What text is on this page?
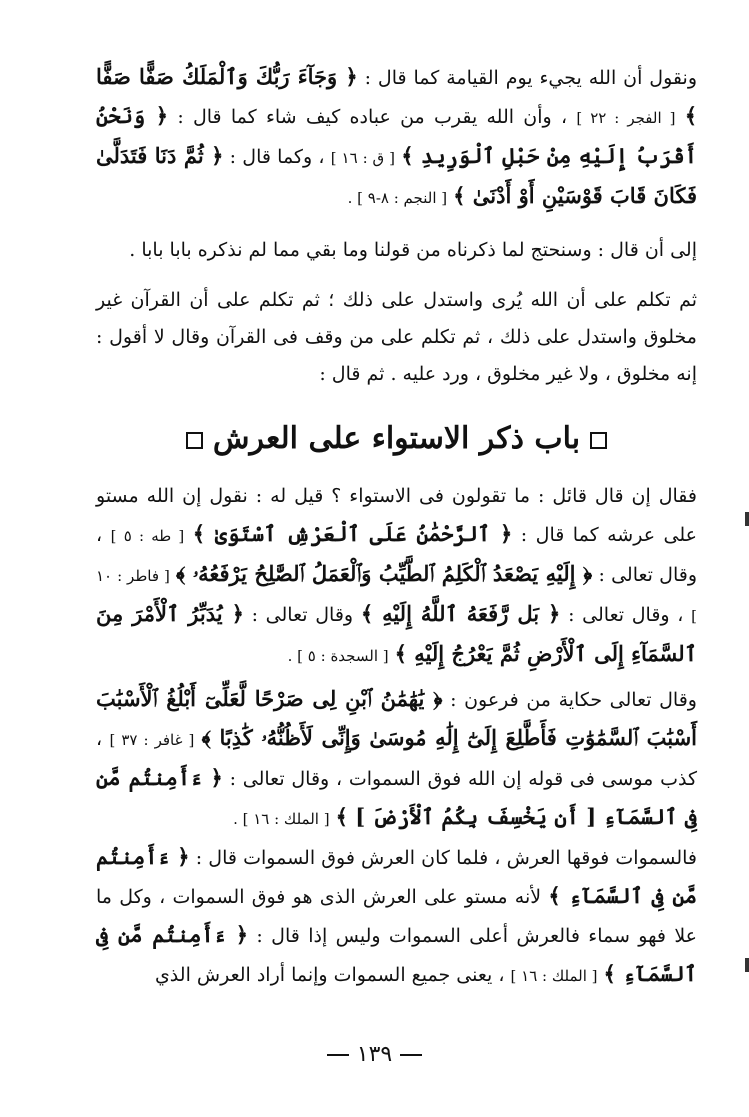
ونقول أن الله يجيء يوم القيامة كما قال : ﴿ وَجَآءَ رَبُّكَ وَٱلْمَلَكُ صَفًّا صَفًّا ﴾ [ الفجر : ٢٢ ] ، وأن الله يقرب من عباده كيف شاء كما قال : ﴿ وَنَحْنُ أَقْرَبُ إِلَيْهِ مِنْ حَبْلِ ٱلْوَرِيدِ ﴾ [ ق : ١٦ ] ، وكما قال : ﴿ ثُمَّ دَنَا فَتَدَلَّىٰ فَكَانَ قَابَ قَوْسَيْنِ أَوْ أَدْنَىٰ ﴾ [ النجم : ٨-٩ ] .

إلى أن قال : وسنحتج لما ذكرناه من قولنا وما بقي مما لم نذكره بابا بابا .

ثم تكلم على أن الله يُرى واستدل على ذلك ؛ ثم تكلم على أن القرآن غير مخلوق واستدل على ذلك ، ثم تكلم على من وقف فى القرآن وقال لا أقول : إنه مخلوق ، ولا غير مخلوق ، ورد عليه . ثم قال :

باب ذكر الاستواء على العرش

فقال إن قال قائل : ما تقولون فى الاستواء ؟ قيل له : نقول إن الله مستو على عرشه كما قال : ﴿ ٱلرَّحْمَٰنُ عَلَى ٱلْعَرْشِ ٱسْتَوَىٰ ﴾ [ طه : ٥ ] ، وقال تعالى : ﴿ إِلَيْهِ يَصْعَدُ ٱلْكَلِمُ ٱلطَّيِّبُ وَٱلْعَمَلُ ٱلصَّٰلِحُ يَرْفَعُهُۥ ﴾ [ فاطر : ١٠ ] ، وقال تعالى : ﴿ بَل رَّفَعَهُ ٱللَّهُ إِلَيْهِ ﴾ وقال تعالى : ﴿ يُدَبِّرُ ٱلْأَمْرَ مِنَ ٱلسَّمَآءِ إِلَى ٱلْأَرْضِ ثُمَّ يَعْرُجُ إِلَيْهِ ﴾ [ السجدة : ٥ ] .

وقال تعالى حكاية من فرعون : ﴿ يَٰهَٰمَٰنُ ٱبْنِ لِى صَرْحًا لَّعَلِّىٓ أَبْلُغُ ٱلْأَسْبَٰبَ أَسْبَٰبَ ٱلسَّمَٰوَٰتِ فَأَطَّلِعَ إِلَىٰٓ إِلَٰهِ مُوسَىٰ وَإِنِّى لَأَظُنُّهُۥ كَٰذِبًا ﴾ [ غافر : ٣٧ ] ، كذب موسى فى قوله إن الله فوق السموات ، وقال تعالى : ﴿ ءَأَمِنتُم مَّن فِى ٱلسَّمَآءِ [ أَن يَخْسِفَ بِكُمُ ٱلْأَرْضَ ] ﴾ [ الملك : ١٦ ] .

فالسموات فوقها العرش ، فلما كان العرش فوق السموات قال : ﴿ ءَأَمِنتُم مَّن فِى ٱلسَّمَآءِ ﴾ لأنه مستو على العرش الذى هو فوق السموات ، وكل ما علا فهو سماء فالعرش أعلى السموات وليس إذا قال : ﴿ ءَأَمِنتُم مَّن فِى ٱلسَّمَآءِ ﴾ [ الملك : ١٦ ] ، يعنى جميع السموات وإنما أراد العرش الذي

١٣٩
